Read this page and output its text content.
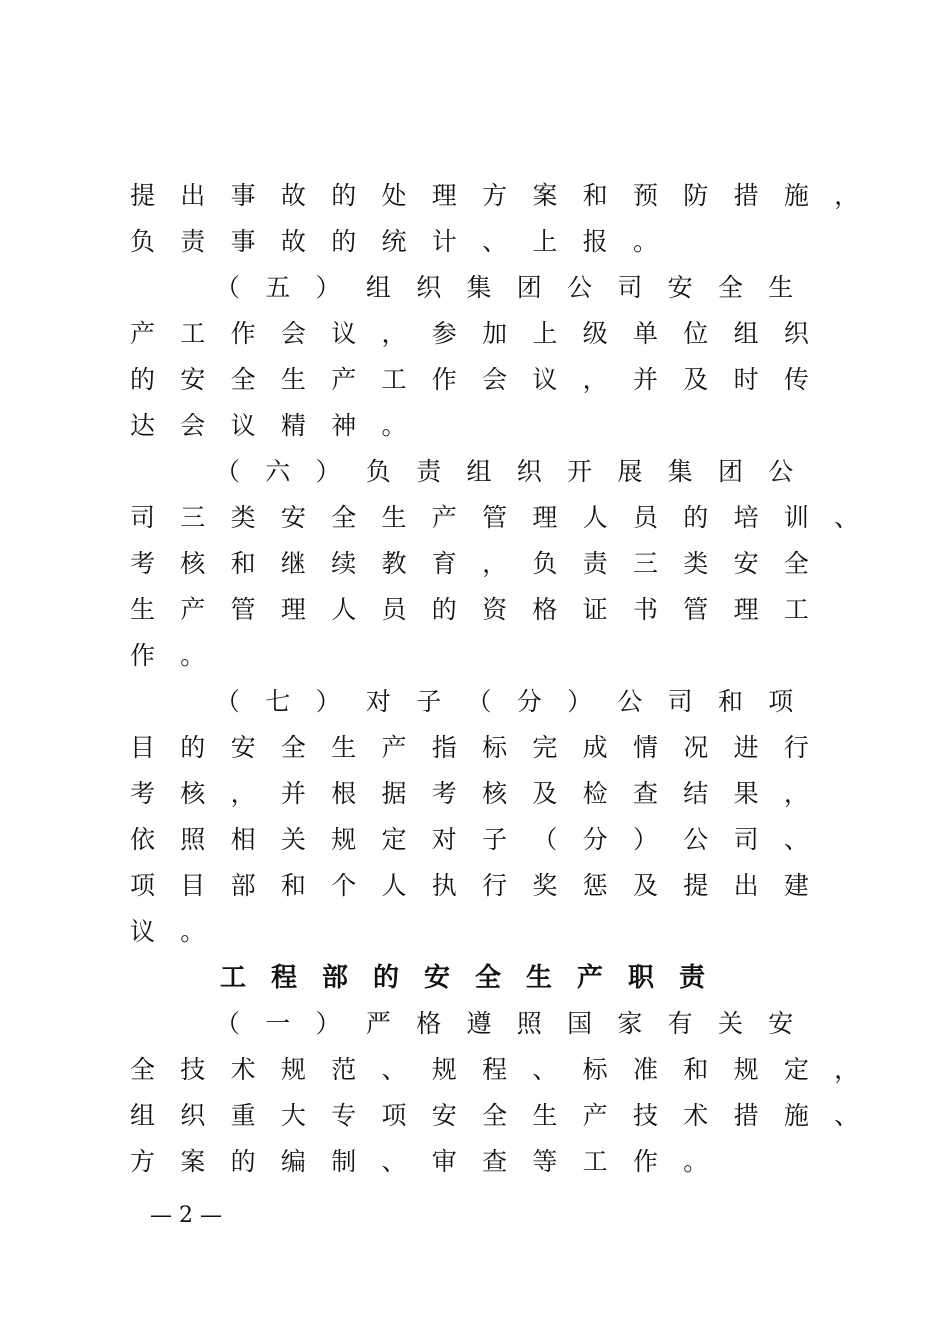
提 出 事 故 的 处 理 方 案 和 预 防 措 施 ，
负 责 事 故 的 统 计 、 上 报 。
（ 五 ） 组 织 集 团 公 司 安 全 生
产 工 作 会 议 ， 参 加 上 级 单 位 组 织
的 安 全 生 产 工 作 会 议 ， 并 及 时 传
达 会 议 精 神 。
（ 六 ） 负 责 组 织 开 展 集 团 公
司 三 类 安 全 生 产 管 理 人 员 的 培 训 、
考 核 和 继 续 教 育 ， 负 责 三 类 安 全
生 产 管 理 人 员 的 资 格 证 书 管 理 工
作 。
（ 七 ） 对 子 （ 分 ） 公 司 和 项
目 的 安 全 生 产 指 标 完 成 情 况 进 行
考 核 ， 并 根 据 考 核 及 检 查 结 果 ，
依 照 相 关 规 定 对 子 （ 分 ） 公 司 、
项 目 部 和 个 人 执 行 奖 惩 及 提 出 建
议 。
工程部的安全生产职责
（ 一 ） 严 格 遵 照 国 家 有 关 安
全 技 术 规 范 、 规 程 、 标 准 和 规 定 ，
组 织 重 大 专 项 安 全 生 产 技 术 措 施 、
方 案 的 编 制 、 审 查 等 工 作 。
— 2 —
